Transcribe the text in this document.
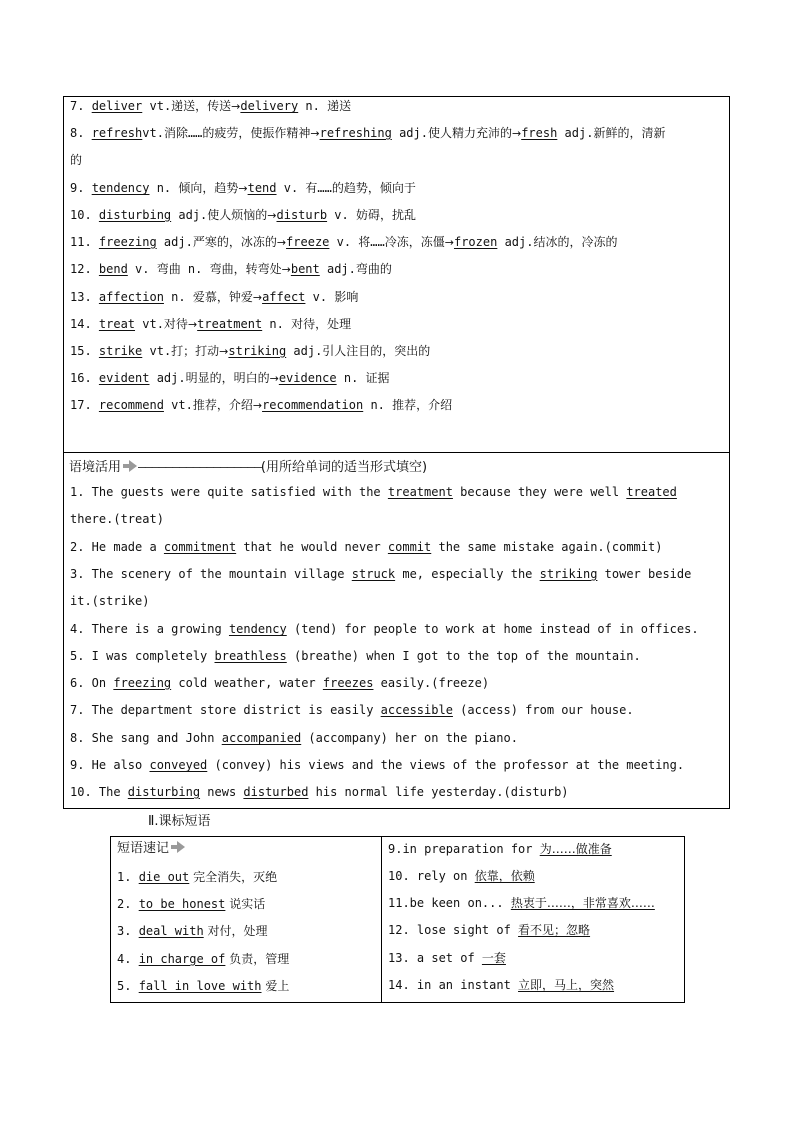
7. deliver vt.递送，传送→delivery n. 递送
8. refreshvt.消除……的疲劳，使振作精神→refreshing adj.使人精力充沛的→fresh adj.新鲜的，清新
的
9. tendency n. 倾向，趋势→tend v. 有……的趋势，倾向于
10. disturbing adj.使人烦恼的→disturb v. 妨碍，扰乱
11. freezing adj.严寒的，冰冻的→freeze v. 将……冷冻，冻僵→frozen adj.结冰的，冷冻的
12. bend v. 弯曲 n. 弯曲，转弯处→bent adj.弯曲的
13. affection n. 爱慕，钟爱→affect v. 影响
14. treat vt.对待→treatment n. 对待，处理
15. strike vt.打；打动→striking adj.引人注目的，突出的
16. evident adj.明显的，明白的→evidence n. 证据
17. recommend vt.推荐，介绍→recommendation n. 推荐，介绍
语境活用 ——————————————————(用所给单词的适当形式填空)
1. The guests were quite satisfied with the treatment because they were well treated
there.(treat)
2. He made a commitment that he would never commit the same mistake again.(commit)
3. The scenery of the mountain village struck me, especially the striking tower beside
it.(strike)
4. There is a growing tendency (tend) for people to work at home instead of in offices.
5. I was completely breathless (breathe) when I got to the top of the mountain.
6. On freezing cold weather, water freezes easily.(freeze)
7. The department store district is easily accessible (access) from our house.
8. She sang and John accompanied (accompany) her on the piano.
9. He also conveyed (convey) his views and the views of the professor at the meeting.
10. The disturbing news disturbed his normal life yesterday.(disturb)
Ⅱ.课标短语
短语速记
1. die out 完全消失，灭绝
2. to be honest 说实话
3. deal with 对付，处理
4. in charge of 负责，管理
5. fall in love with 爱上
9.in preparation for 为……做准备
10. rely on 依靠，依赖
11.be keen on... 热衷于……，非常喜欢……
12. lose sight of 看不见；忽略
13. a set of 一套
14. in an instant 立即，马上，突然
